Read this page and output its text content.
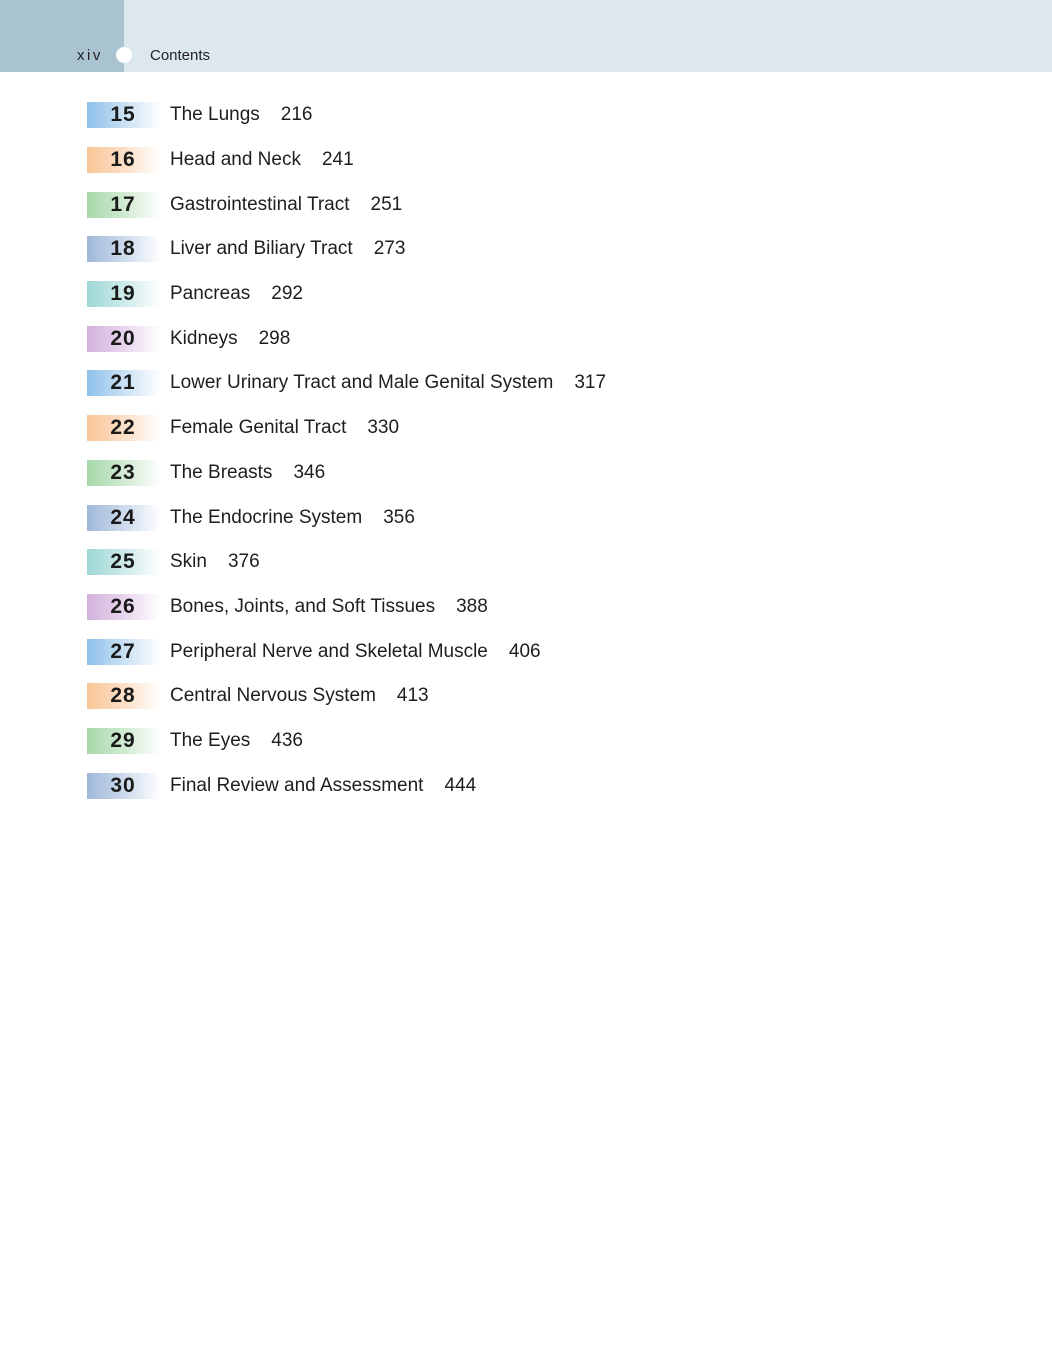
xiv	Contents
15	The Lungs 216
16	Head and Neck 241
17	Gastrointestinal Tract 251
18	Liver and Biliary Tract 273
19	Pancreas 292
20	Kidneys 298
21	Lower Urinary Tract and Male Genital System 317
22	Female Genital Tract 330
23	The Breasts 346
24	The Endocrine System 356
25	Skin 376
26	Bones, Joints, and Soft Tissues 388
27	Peripheral Nerve and Skeletal Muscle 406
28	Central Nervous System 413
29	The Eyes 436
30	Final Review and Assessment 444
